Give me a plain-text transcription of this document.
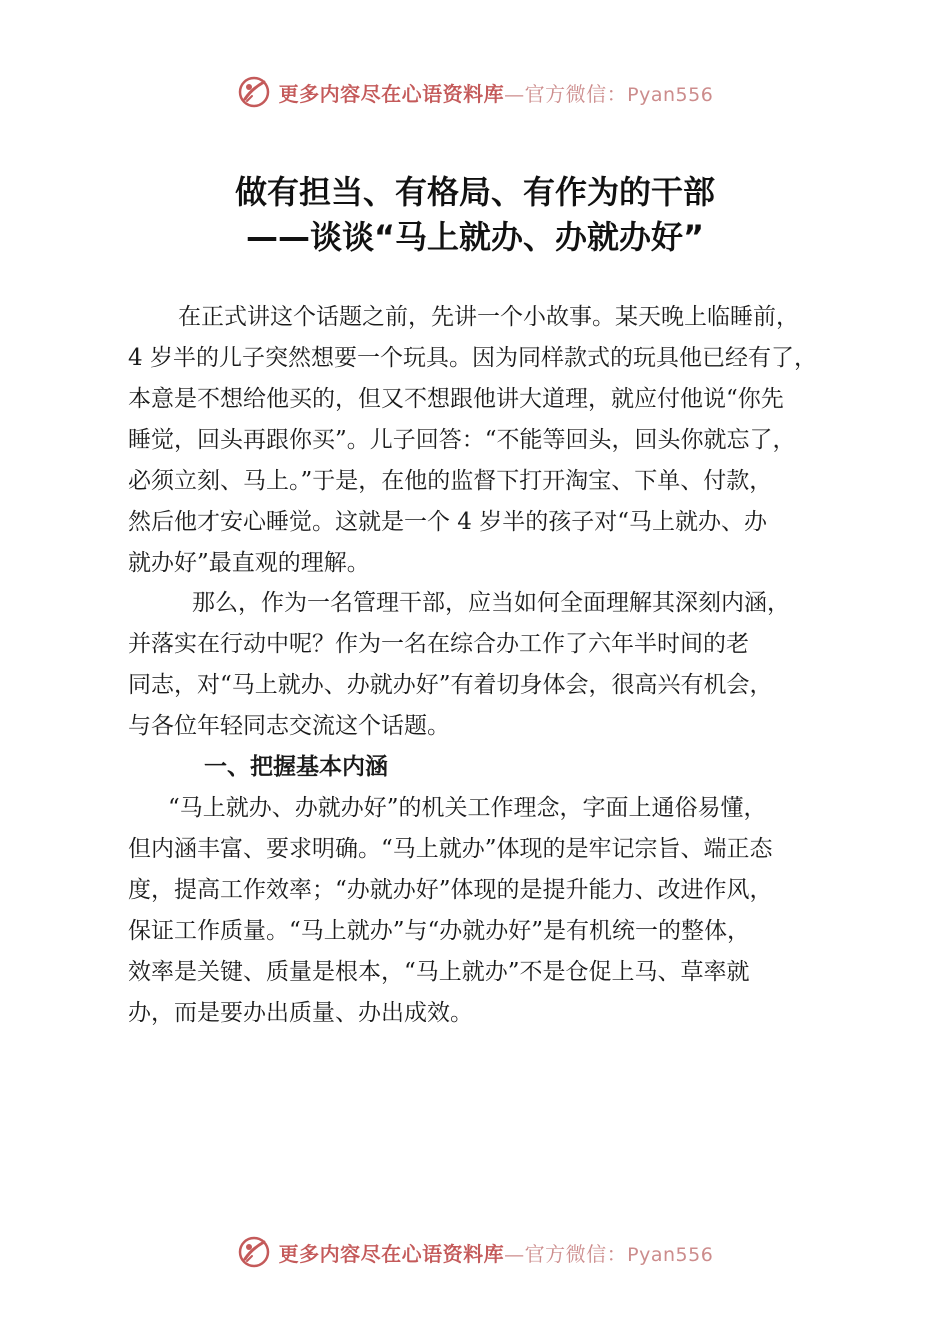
更多内容尽在心语资料库—官方微信：Pyan556
做有担当、有格局、有作为的干部
——谈谈“马上就办、办就办好”
在正式讲这个话题之前，先讲一个小故事。某天晚上临睡前，
4 岁半的儿子突然想要一个玩具。因为同样款式的玩具他已经有了，
本意是不想给他买的，但又不想跟他讲大道理，就应付他说“你先
睡觉，回头再跟你买”。儿子回答：“不能等回头，回头你就忘了，
必须立刻、马上。”于是，在他的监督下打开淘宝、下单、付款，
然后他才安心睡觉。这就是一个 4 岁半的孩子对“马上就办、办
就办好”最直观的理解。
那么，作为一名管理干部，应当如何全面理解其深刻内涵，
并落实在行动中呢？作为一名在综合办工作了六年半时间的老
同志，对“马上就办、办就办好”有着切身体会，很高兴有机会，
与各位年轻同志交流这个话题。
一、把握基本内涵
“马上就办、办就办好”的机关工作理念，字面上通俗易懂，
但内涵丰富、要求明确。“马上就办”体现的是牢记宗旨、端正态
度，提高工作效率；“办就办好”体现的是提升能力、改进作风，
保证工作质量。“马上就办”与“办就办好”是有机统一的整体，
效率是关键、质量是根本，“马上就办”不是仓促上马、草率就
办，而是要办出质量、办出成效。
更多内容尽在心语资料库—官方微信：Pyan556
